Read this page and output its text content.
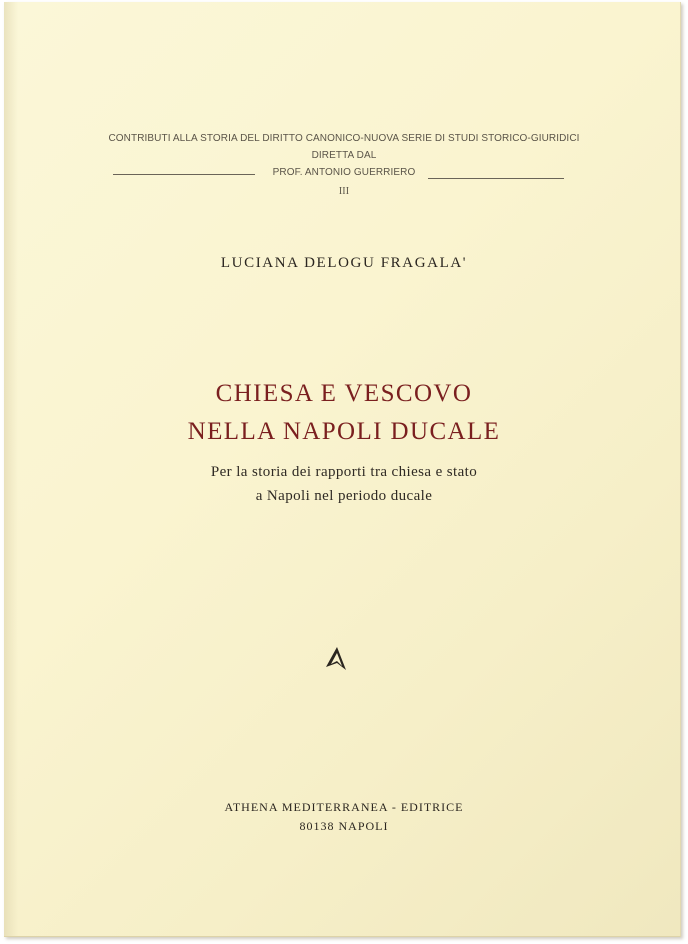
CONTRIBUTI ALLA STORIA DEL DIRITTO CANONICO-NUOVA SERIE DI STUDI STORICO-GIURIDICI
DIRETTA DAL
PROF. ANTONIO GUERRIERO
III
LUCIANA DELOGU FRAGALA'
CHIESA E VESCOVO
NELLA NAPOLI DUCALE
Per la storia dei rapporti tra chiesa e stato
a Napoli nel periodo ducale
ATHENA MEDITERRANEA - EDITRICE
80138 NAPOLI
